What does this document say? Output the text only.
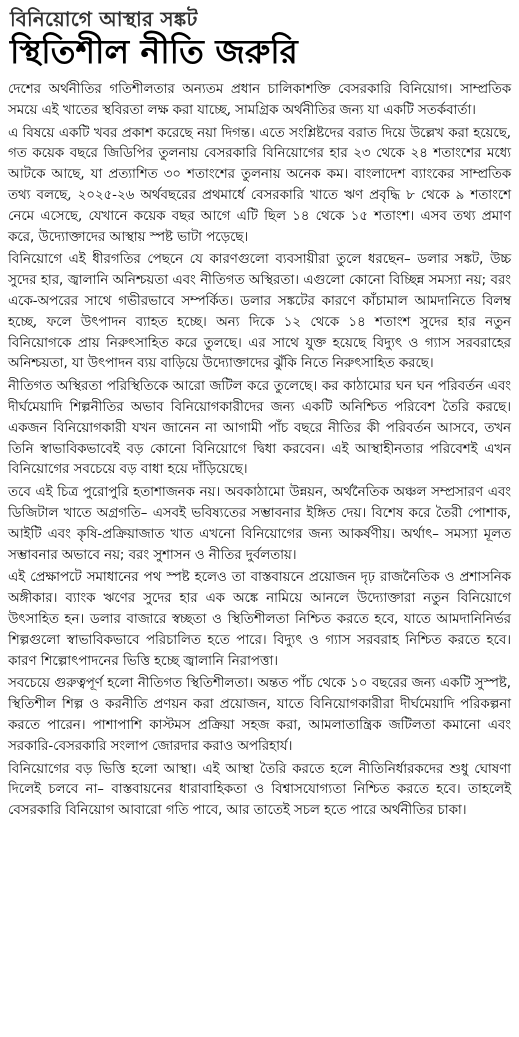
বিনিয়োগে আস্থার সঙ্কট
স্থিতিশীল নীতি জরুরি

দেশের অর্থনীতির গতিশীলতার অন্যতম প্রধান চালিকাশক্তি বেসরকারি বিনিয়োগ। সাম্প্রতিক সময়ে এই খাতের স্থবিরতা লক্ষ করা যাচ্ছে, সামগ্রিক অর্থনীতির জন্য যা একটি সতর্কবার্তা।

এ বিষয়ে একটি খবর প্রকাশ করেছে নয়া দিগন্ত। এতে সংশ্লিষ্টদের বরাত দিয়ে উল্লেখ করা হয়েছে, গত কয়েক বছরে জিডিপির তুলনায় বেসরকারি বিনিয়োগের হার ২৩ থেকে ২৪ শতাংশের মধ্যে আটকে আছে, যা প্রত্যাশিত ৩০ শতাংশের তুলনায় অনেক কম। বাংলাদেশ ব্যাংকের সাম্প্রতিক তথ্য বলছে, ২০২৫-২৬ অর্থবছরের প্রথমার্ধে বেসরকারি খাতে ঋণ প্রবৃদ্ধি ৮ থেকে ৯ শতাংশে নেমে এসেছে, যেখানে কয়েক বছর আগে এটি ছিল ১৪ থেকে ১৫ শতাংশ। এসব তথ্য প্রমাণ করে, উদ্যোক্তাদের আস্থায় স্পষ্ট ভাটা পড়েছে।

বিনিয়োগে এই ধীরগতির পেছনে যে কারণগুলো ব্যবসায়ীরা তুলে ধরছেন– ডলার সঙ্কট, উচ্চ সুদের হার, জ্বালানি অনিশ্চয়তা এবং নীতিগত অস্থিরতা। এগুলো কোনো বিচ্ছিন্ন সমস্যা নয়; বরং একে-অপরের সাথে গভীরভাবে সম্পর্কিত। ডলার সঙ্কটের কারণে কাঁচামাল আমদানিতে বিলম্ব হচ্ছে, ফলে উৎপাদন ব্যাহত হচ্ছে। অন্য দিকে ১২ থেকে ১৪ শতাংশ সুদের হার নতুন বিনিয়োগকে প্রায় নিরুৎসাহিত করে তুলছে। এর সাথে যুক্ত হয়েছে বিদ্যুৎ ও গ্যাস সরবরাহের অনিশ্চয়তা, যা উৎপাদন ব্যয় বাড়িয়ে উদ্যোক্তাদের ঝুঁকি নিতে নিরুৎসাহিত করছে।

নীতিগত অস্থিরতা পরিস্থিতিকে আরো জটিল করে তুলেছে। কর কাঠামোর ঘন ঘন পরিবর্তন এবং দীর্ঘমেয়াদি শিল্পনীতির অভাব বিনিয়োগকারীদের জন্য একটি অনিশ্চিত পরিবেশ তৈরি করছে। একজন বিনিয়োগকারী যখন জানেন না আগামী পাঁচ বছরে নীতির কী পরিবর্তন আসবে, তখন তিনি স্বাভাবিকভাবেই বড় কোনো বিনিয়োগে দ্বিধা করবেন। এই আস্থাহীনতার পরিবেশই এখন বিনিয়োগের সবচেয়ে বড় বাধা হয়ে দাঁড়িয়েছে।

তবে এই চিত্র পুরোপুরি হতাশাজনক নয়। অবকাঠামো উন্নয়ন, অর্থনৈতিক অঞ্চল সম্প্রসারণ এবং ডিজিটাল খাতে অগ্রগতি– এসবই ভবিষ্যতের সম্ভাবনার ইঙ্গিত দেয়। বিশেষ করে তৈরী পোশাক, আইটি এবং কৃষি-প্রক্রিয়াজাত খাত এখনো বিনিয়োগের জন্য আকর্ষণীয়। অর্থাৎ– সমস্যা মূলত সম্ভাবনার অভাবে নয়; বরং সুশাসন ও নীতির দুর্বলতায়।

এই প্রেক্ষাপটে সমাধানের পথ স্পষ্ট হলেও তা বাস্তবায়নে প্রয়োজন দৃঢ় রাজনৈতিক ও প্রশাসনিক অঙ্গীকার। ব্যাংক ঋণের সুদের হার এক অঙ্কে নামিয়ে আনলে উদ্যোক্তারা নতুন বিনিয়োগে উৎসাহিত হন। ডলার বাজারে স্বচ্ছতা ও স্থিতিশীলতা নিশ্চিত করতে হবে, যাতে আমদানিনির্ভর শিল্পগুলো স্বাভাবিকভাবে পরিচালিত হতে পারে। বিদ্যুৎ ও গ্যাস সরবরাহ নিশ্চিত করতে হবে। কারণ শিল্পোৎপাদনের ভিত্তি হচ্ছে জ্বালানি নিরাপত্তা।

সবচেয়ে গুরুত্বপূর্ণ হলো নীতিগত স্থিতিশীলতা। অন্তত পাঁচ থেকে ১০ বছরের জন্য একটি সুস্পষ্ট, স্থিতিশীল শিল্প ও করনীতি প্রণয়ন করা প্রয়োজন, যাতে বিনিয়োগকারীরা দীর্ঘমেয়াদি পরিকল্পনা করতে পারেন। পাশাপাশি কাস্টমস প্রক্রিয়া সহজ করা, আমলাতান্ত্রিক জটিলতা কমানো এবং সরকারি-বেসরকারি সংলাপ জোরদার করাও অপরিহার্য।

বিনিয়োগের বড় ভিত্তি হলো আস্থা। এই আস্থা তৈরি করতে হলে নীতিনির্ধারকদের শুধু ঘোষণা দিলেই চলবে না– বাস্তবায়নের ধারাবাহিকতা ও বিশ্বাসযোগ্যতা নিশ্চিত করতে হবে। তাহলেই বেসরকারি বিনিয়োগ আবারো গতি পাবে, আর তাতেই সচল হতে পারে অর্থনীতির চাকা।
